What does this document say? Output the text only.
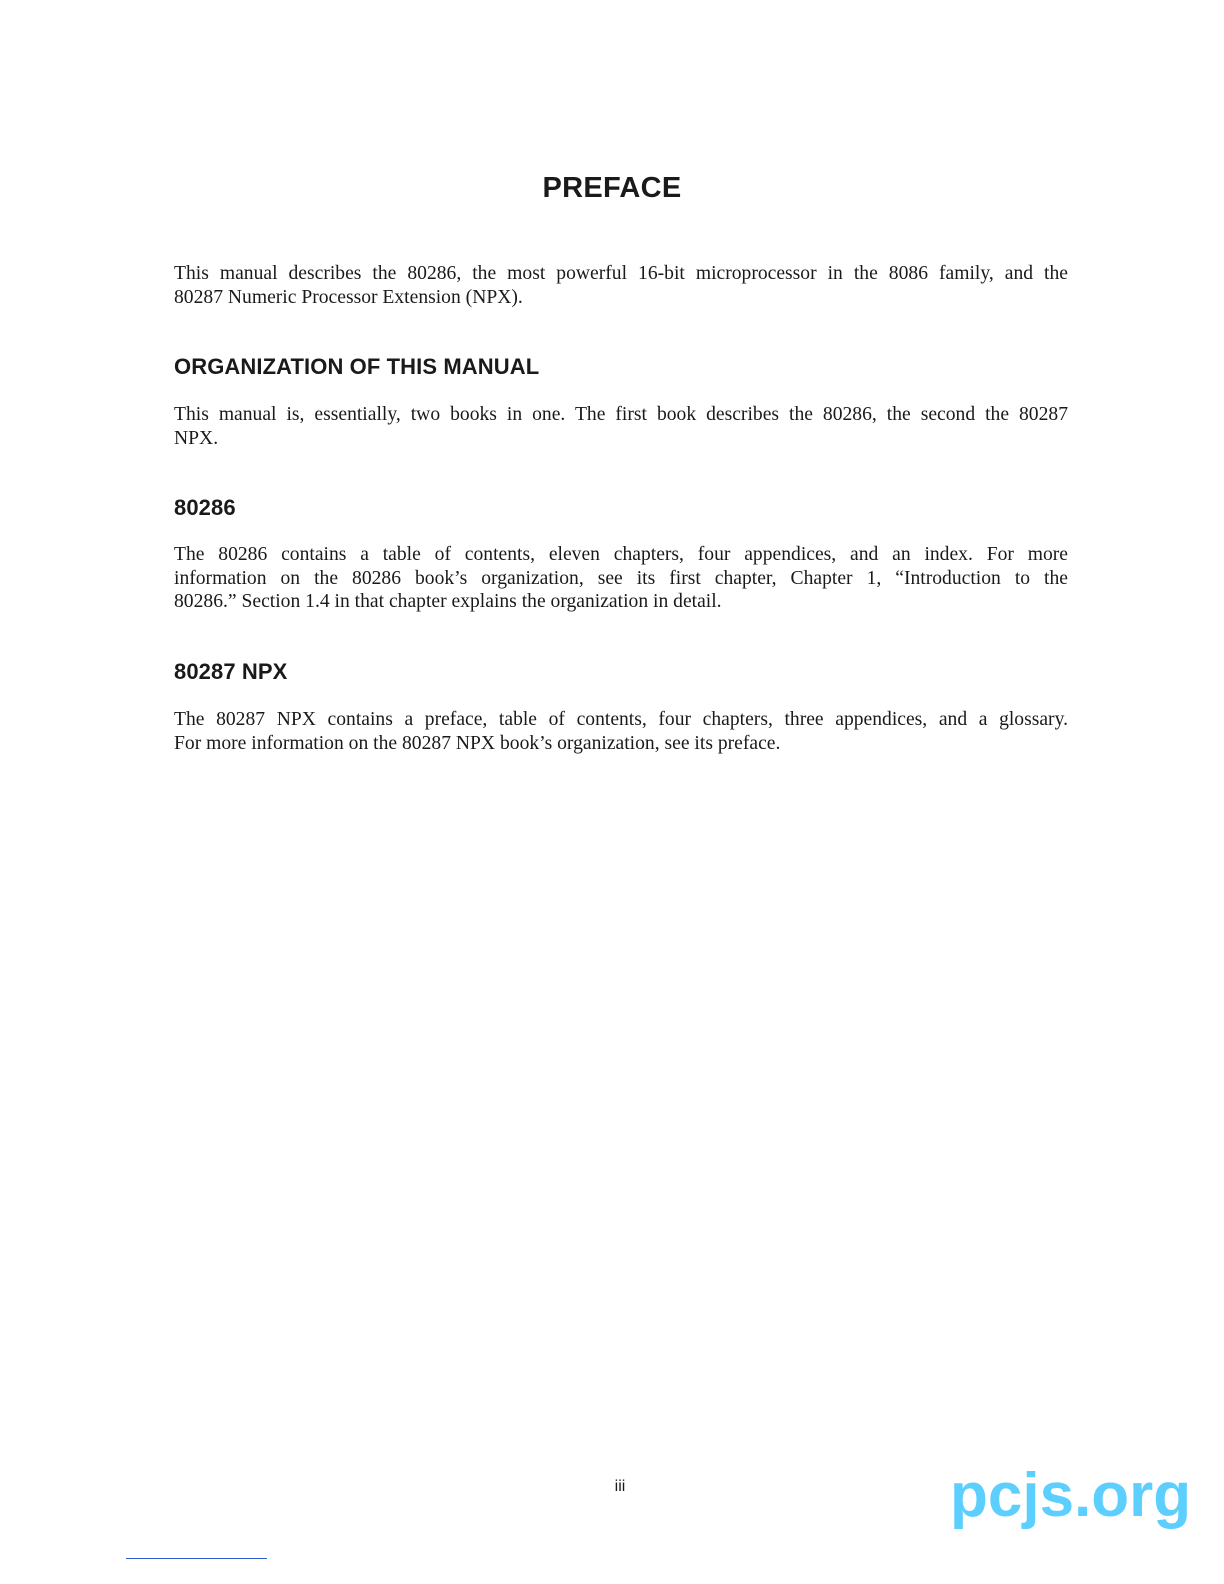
PREFACE

This manual describes the 80286, the most powerful 16-bit microprocessor in the 8086 family, and the
80287 Numeric Processor Extension (NPX).

ORGANIZATION OF THIS MANUAL

This manual is, essentially, two books in one. The first book describes the 80286, the second the 80287
NPX.

80286

The 80286 contains a table of contents, eleven chapters, four appendices, and an index. For more
information on the 80286 book’s organization, see its first chapter, Chapter 1, “Introduction to the
80286.” Section 1.4 in that chapter explains the organization in detail.

80287 NPX

The 80287 NPX contains a preface, table of contents, four chapters, three appendices, and a glossary.
For more information on the 80287 NPX book’s organization, see its preface.

iii	pcjs.org
